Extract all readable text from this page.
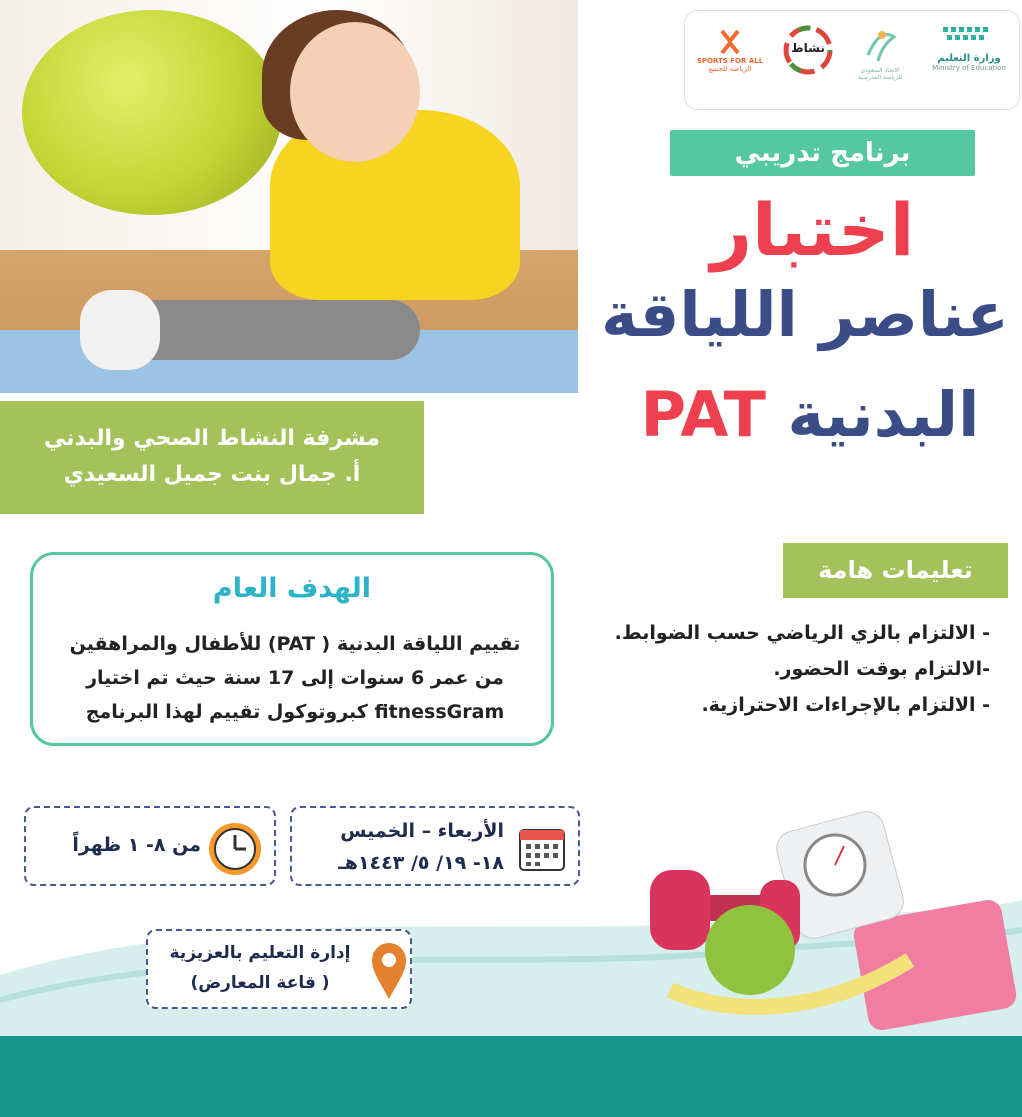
مشرفة النشاط الصحي والبدني
أ. جمال بنت جميل السعيدي
SPORTS FOR ALL
الرياضة للجميع
نشاط
الاتحاد السعودي للرياضة المدرسية
وزارة التعليم
Ministry of Education
برنامج تدريبي
اختبار
عناصر اللياقة
البدنية PAT
تعليمات هامة
- الالتزام بالزي الرياضي حسب الضوابط.
-الالتزام بوقت الحضور.
- الالتزام بالإجراءات الاحترازية.
الهدف العام
تقييم اللياقة البدنية ( PAT) للأطفال والمراهقين
من عمر 6 سنوات إلى 17 سنة حيث تم اختيار
fitnessGram كبروتوكول تقييم لهذا البرنامج
من ٨- ١ ظهراً
الأربعاء – الخميس
١٨- ١٩/ ٥/ ١٤٤٣هـ
إدارة التعليم بالعزيزية
( قاعة المعارض)
